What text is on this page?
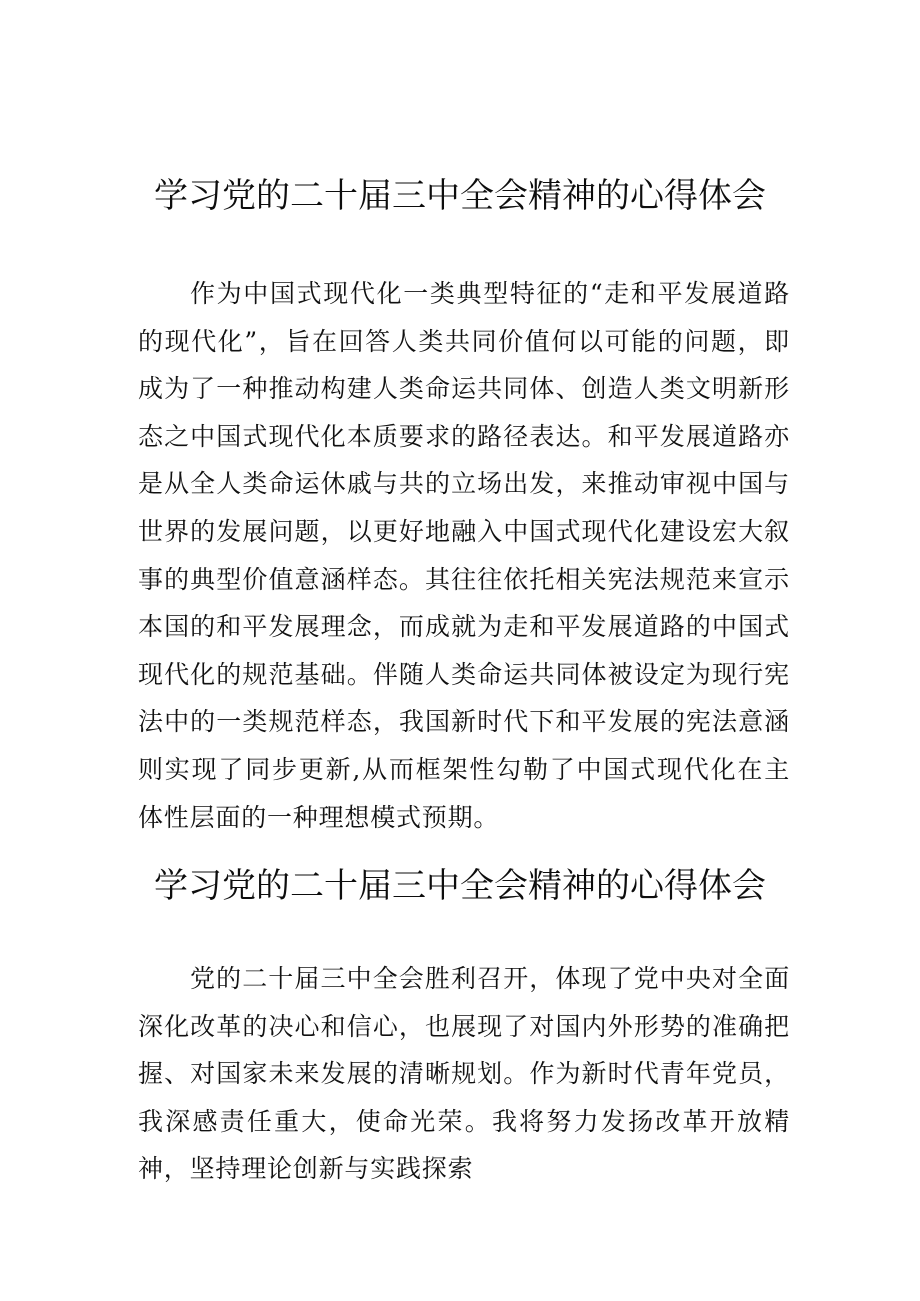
学习党的二十届三中全会精神的心得体会

作为中国式现代化一类典型特征的“走和平发展道路的现代化”，旨在回答人类共同价值何以可能的问题，即成为了一种推动构建人类命运共同体、创造人类文明新形态之中国式现代化本质要求的路径表达。和平发展道路亦是从全人类命运休戚与共的立场出发，来推动审视中国与世界的发展问题，以更好地融入中国式现代化建设宏大叙事的典型价值意涵样态。其往往依托相关宪法规范来宣示本国的和平发展理念，而成就为走和平发展道路的中国式现代化的规范基础。伴随人类命运共同体被设定为现行宪法中的一类规范样态，我国新时代下和平发展的宪法意涵则实现了同步更新,从而框架性勾勒了中国式现代化在主体性层面的一种理想模式预期。

学习党的二十届三中全会精神的心得体会

党的二十届三中全会胜利召开，体现了党中央对全面深化改革的决心和信心，也展现了对国内外形势的准确把握、对国家未来发展的清晰规划。作为新时代青年党员，我深感责任重大，使命光荣。我将努力发扬改革开放精神，坚持理论创新与实践探索
